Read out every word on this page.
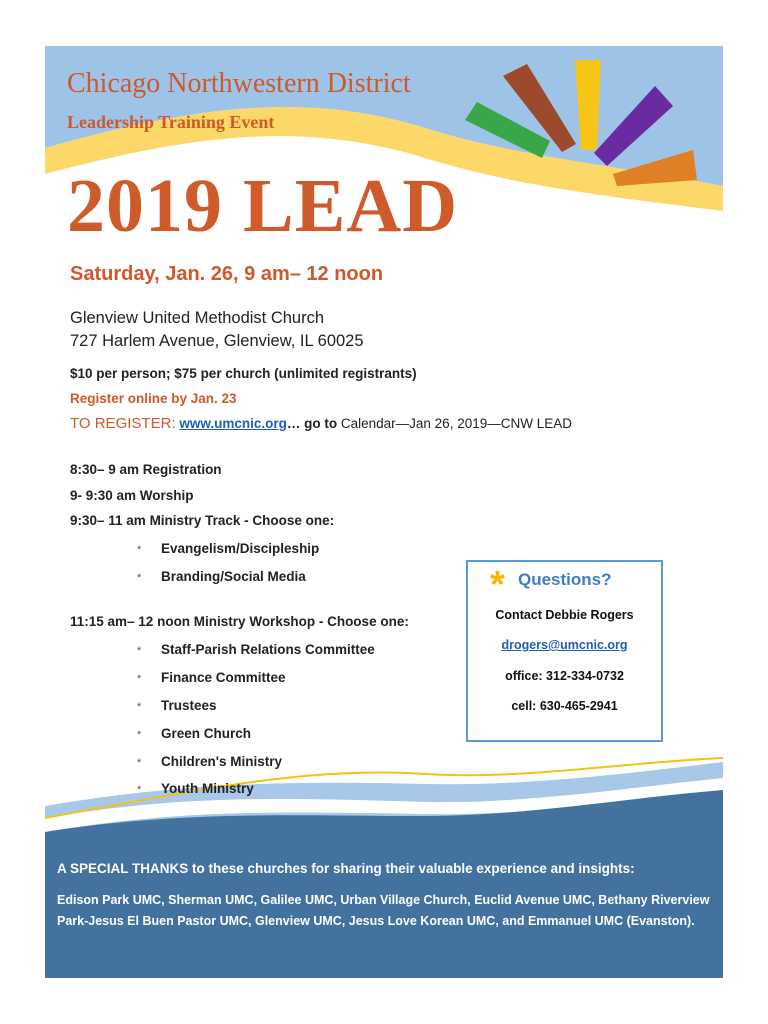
Chicago Northwestern District
Leadership Training Event
2019 LEAD
Saturday, Jan. 26, 9 am– 12 noon
Glenview United Methodist Church
727 Harlem Avenue, Glenview, IL 60025
$10 per person; $75 per church (unlimited registrants)
Register online by Jan. 23
TO REGISTER: www.umcnic.org… go to Calendar—Jan 26, 2019—CNW LEAD
8:30– 9 am Registration
9- 9:30 am Worship
9:30– 11 am Ministry Track - Choose one:
* Evangelism/Discipleship
* Branding/Social Media
11:15 am– 12 noon Ministry Workshop - Choose one:
* Staff-Parish Relations Committee
* Finance Committee
* Trustees
* Green Church
* Children's Ministry
* Youth Ministry
* Questions?
Contact Debbie Rogers
drogers@umcnic.org
office: 312-334-0732
cell: 630-465-2941
A SPECIAL THANKS to these churches for sharing their valuable experience and insights:
Edison Park UMC, Sherman UMC, Galilee UMC, Urban Village Church, Euclid Avenue UMC, Bethany Riverview Park-Jesus El Buen Pastor UMC, Glenview UMC, Jesus Love Korean UMC, and Emmanuel UMC (Evanston).
